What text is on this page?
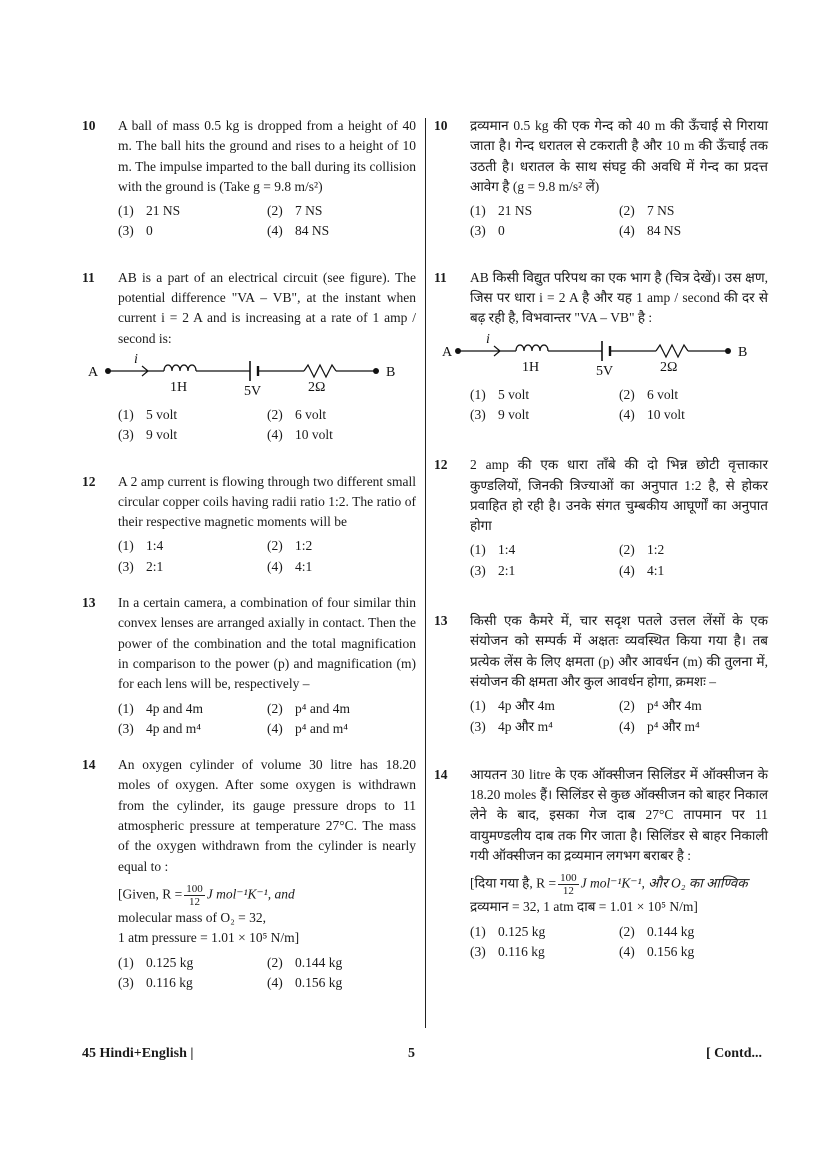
10	A ball of mass 0.5 kg is dropped from a height of 40 m. The ball hits the ground and rises to a height of 10 m. The impulse imparted to the ball during its collision with the ground is (Take g = 9.8 m/s²)
(1) 21 NS	(2) 7 NS
(3) 0	(4) 84 NS
11	AB is a part of an electrical circuit (see figure). The potential difference "VA – VB", at the instant when current i = 2 A and is increasing at a rate of 1 amp / second is:
A
i
1H	5V	2Ω
B
(1) 5 volt	(2) 6 volt
(3) 9 volt	(4) 10 volt
12	A 2 amp current is flowing through two different small circular copper coils having radii ratio 1:2. The ratio of their respective magnetic moments will be
(1) 1:4	(2) 1:2
(3) 2:1	(4) 4:1
13	In a certain camera, a combination of four similar thin convex lenses are arranged axially in contact. Then the power of the combination and the total magnification in comparison to the power (p) and magnification (m) for each lens will be, respectively –
(1) 4p and 4m	(2) p⁴ and 4m
(3) 4p and m⁴	(4) p⁴ and m⁴
14	An oxygen cylinder of volume 30 litre has 18.20 moles of oxygen. After some oxygen is withdrawn from the cylinder, its gauge pressure drops to 11 atmospheric pressure at temperature 27°C. The mass of the oxygen withdrawn from the cylinder is nearly equal to :
[Given, $R = \frac{100}{12}$ J mol⁻¹K⁻¹, and
molecular mass of O₂ = 32,
1 atm pressure = 1.01 × 10⁵ N/m]
(1) 0.125 kg	(2) 0.144 kg
(3) 0.116 kg	(4) 0.156 kg
10	द्रव्यमान 0.5 kg की एक गेन्द को 40 m की ऊँचाई से गिराया जाता है। गेन्द धरातल से टकराती है और 10 m की ऊँचाई तक उठती है। धरातल के साथ संघट्ट की अवधि में गेन्द का प्रदत्त आवेग है (g = 9.8 m/s² लें)
(1) 21 NS	(2) 7 NS
(3) 0	(4) 84 NS
11	AB किसी विद्युत परिपथ का एक भाग है (चित्र देखें)। उस क्षण, जिस पर धारा i = 2 A है और यह 1 amp / second की दर से बढ़ रही है, विभवान्तर "VA – VB" है :
A
i
1H	5V	2Ω
B
(1) 5 volt	(2) 6 volt
(3) 9 volt	(4) 10 volt
12	2 amp की एक धारा ताँबे की दो भिन्न छोटी वृत्ताकार कुण्डलियों, जिनकी त्रिज्याओं का अनुपात 1:2 है, से होकर प्रवाहित हो रही है। उनके संगत चुम्बकीय आघूर्णों का अनुपात होगा
(1) 1:4	(2) 1:2
(3) 2:1	(4) 4:1
13	किसी एक कैमरे में, चार सदृश पतले उत्तल लेंसों के एक संयोजन को सम्पर्क में अक्षतः व्यवस्थित किया गया है। तब प्रत्येक लेंस के लिए क्षमता (p) और आवर्धन (m) की तुलना में, संयोजन की क्षमता और कुल आवर्धन होगा, क्रमशः –
(1) 4p और 4m	(2) p⁴ और 4m
(3) 4p और m⁴	(4) p⁴ और m⁴
14	आयतन 30 litre के एक ऑक्सीजन सिलिंडर में ऑक्सीजन के 18.20 moles हैं। सिलिंडर से कुछ ऑक्सीजन को बाहर निकाल लेने के बाद, इसका गेज दाब 27°C तापमान पर 11 वायुमण्डलीय दाब तक गिर जाता है। सिलिंडर से बाहर निकाली गयी ऑक्सीजन का द्रव्यमान लगभग बराबर है :
[दिया गया है, $R = \frac{100}{12}$ J mol⁻¹K⁻¹, और O₂ का आण्विक
द्रव्यमान = 32, 1 atm दाब = 1.01 × 10⁵ N/m]
(1) 0.125 kg	(2) 0.144 kg
(3) 0.116 kg	(4) 0.156 kg
45 Hindi+English |	5	[ Contd...
